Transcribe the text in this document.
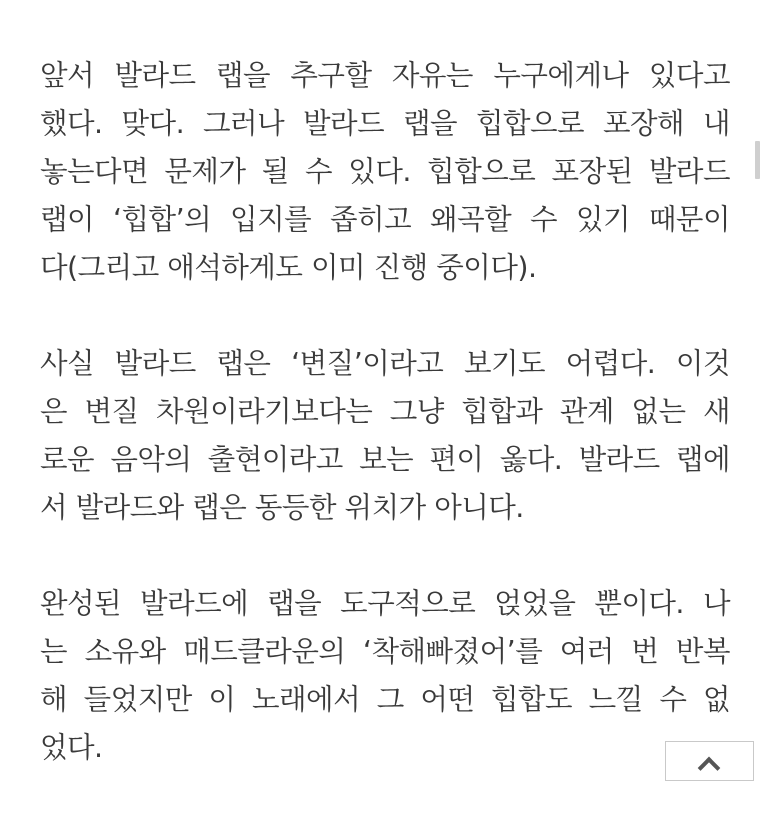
앞서 발라드 랩을 추구할 자유는 누구에게나 있다고
했다. 맞다. 그러나 발라드 랩을 힙합으로 포장해 내
놓는다면 문제가 될 수 있다. 힙합으로 포장된 발라드
랩이 ‘힙합’의 입지를 좁히고 왜곡할 수 있기 때문이
다(그리고 애석하게도 이미 진행 중이다).

사실 발라드 랩은 ‘변질’이라고 보기도 어렵다. 이것
은 변질 차원이라기보다는 그냥 힙합과 관계 없는 새
로운 음악의 출현이라고 보는 편이 옳다. 발라드 랩에
서 발라드와 랩은 동등한 위치가 아니다.

완성된 발라드에 랩을 도구적으로 얹었을 뿐이다. 나
는 소유와 매드클라운의 ‘착해빠졌어’를 여러 번 반복
해 들었지만 이 노래에서 그 어떤 힙합도 느낄 수 없
었다.
